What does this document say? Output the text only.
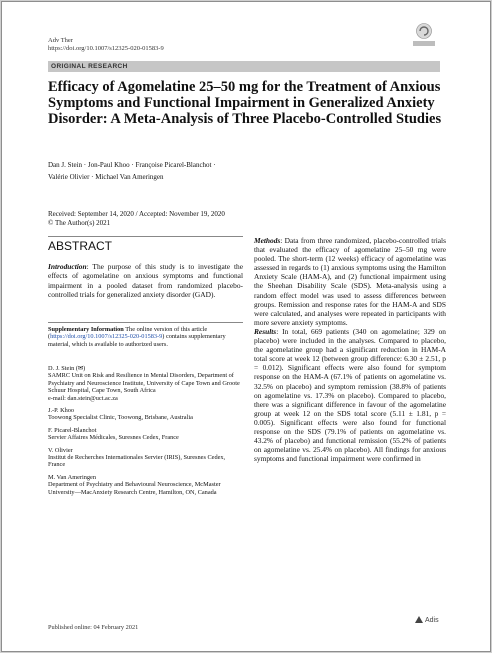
Adv Ther
https://doi.org/10.1007/s12325-020-01583-9
ORIGINAL RESEARCH
Efficacy of Agomelatine 25–50 mg for the Treatment of Anxious Symptoms and Functional Impairment in Generalized Anxiety Disorder: A Meta-Analysis of Three Placebo-Controlled Studies
Dan J. Stein · Jon-Paul Khoo · Françoise Picarel-Blanchot ·
Valérie Olivier · Michael Van Ameringen
Received: September 14, 2020 / Accepted: November 19, 2020
© The Author(s) 2021
ABSTRACT
Introduction: The purpose of this study is to investigate the effects of agomelatine on anxious symptoms and functional impairment in a pooled dataset from randomized placebo-controlled trials for generalized anxiety disorder (GAD).
Supplementary Information The online version of this article (https://doi.org/10.1007/s12325-020-01583-9) contains supplementary material, which is available to authorized users.
D. J. Stein (✉)
SAMRC Unit on Risk and Resilience in Mental Disorders, Department of Psychiatry and Neuroscience Institute, University of Cape Town and Groote Schuur Hospital, Cape Town, South Africa
e-mail: dan.stein@uct.ac.za
J.-P. Khoo
Toowong Specialist Clinic, Toowong, Brisbane, Australia
F. Picarel-Blanchot
Servier Affaires Médicales, Suresnes Cedex, France
V. Olivier
Institut de Recherches Internationales Servier (IRIS), Suresnes Cedex, France
M. Van Ameringen
Department of Psychiatry and Behavioural Neuroscience, McMaster University—MacAnxiety Research Centre, Hamilton, ON, Canada

Methods: Data from three randomized, placebo-controlled trials that evaluated the efficacy of agomelatine 25–50 mg were pooled. The short-term (12 weeks) efficacy of agomelatine was assessed in regards to (1) anxious symptoms using the Hamilton Anxiety Scale (HAM-A), and (2) functional impairment using the Sheehan Disability Scale (SDS). Meta-analysis using a random effect model was used to assess differences between groups. Remission and response rates for the HAM-A and SDS were calculated, and analyses were repeated in participants with more severe anxiety symptoms.

Results: In total, 669 patients (340 on agomelatine; 329 on placebo) were included in the analyses. Compared to placebo, the agomelatine group had a significant reduction in HAM-A total score at week 12 (between group difference: 6.30 ± 2.51, p = 0.012). Significant effects were also found for symptom response on the HAM-A (67.1% of patients on agomelatine vs. 32.5% on placebo) and symptom remission (38.8% of patients on agomelatine vs. 17.3% on placebo). Compared to placebo, there was a significant difference in favour of the agomelatine group at week 12 on the SDS total score (5.11 ± 1.81, p = 0.005). Significant effects were also found for functional response on the SDS (79.1% of patients on agomelatine vs. 43.2% of placebo) and functional remission (55.2% of patients on agomelatine vs. 25.4% on placebo). All findings for anxious symptoms and functional impairment were confirmed in

Published online: 04 February 2021
Adis
